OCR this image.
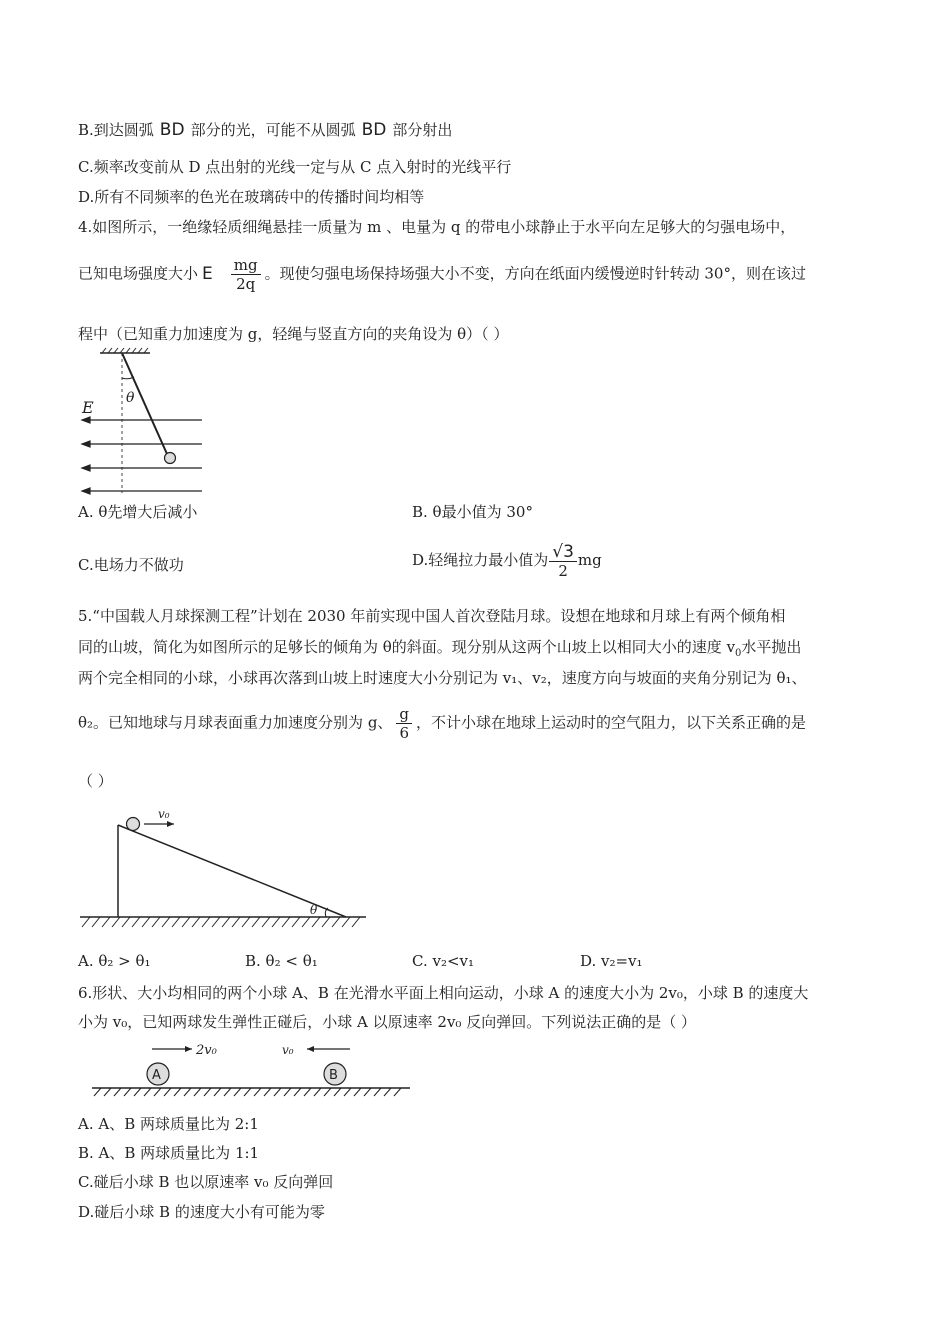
B.到达圆弧 BD 部分的光，可能不从圆弧 BD 部分射出
C.频率改变前从 D 点出射的光线一定与从 C 点入射时的光线平行
D.所有不同频率的色光在玻璃砖中的传播时间均相等
4.如图所示，一绝缘轻质细绳悬挂一质量为 m 、电量为 q 的带电小球静止于水平向左足够大的匀强电场中，
已知电场强度大小 E $\frac{mg}{2q}$ 。现使匀强电场保持场强大小不变，方向在纸面内缓慢逆时针转动 30°，则在该过
程中（已知重力加速度为 g，轻绳与竖直方向的夹角设为 θ）（ ）
E θ
A. θ先增大后减小	B. θ最小值为 30°
C.电场力不做功	D.轻绳拉力最小值为 $\frac{√3}{2}$ mg
5.“中国载人月球探测工程”计划在 2030 年前实现中国人首次登陆月球。设想在地球和月球上有两个倾角相
同的山坡，简化为如图所示的足够长的倾角为 θ的斜面。现分别从这两个山坡上以相同大小的速度 $v_0$水平抛出
两个完全相同的小球，小球再次落到山坡上时速度大小分别记为 v₁、v₂，速度方向与坡面的夹角分别记为 θ₁、
θ₂。已知地球与月球表面重力加速度分别为 g、 $\frac{g}{6}$ ，不计小球在地球上运动时的空气阻力，以下关系正确的是
（ ）
v₀
θ
A. θ₂ > θ₁	B. θ₂ < θ₁	C. v₂<v₁	D. v₂=v₁
6.形状、大小均相同的两个小球 A、B 在光滑水平面上相向运动，小球 A 的速度大小为 2v₀，小球 B 的速度大
小为 v₀，已知两球发生弹性正碰后，小球 A 以原速率 2v₀ 反向弹回。下列说法正确的是（ ）
A	B
2v₀	v₀
A. A、B 两球质量比为 2:1
B. A、B 两球质量比为 1:1
C.碰后小球 B 也以原速率 v₀ 反向弹回
D.碰后小球 B 的速度大小有可能为零
